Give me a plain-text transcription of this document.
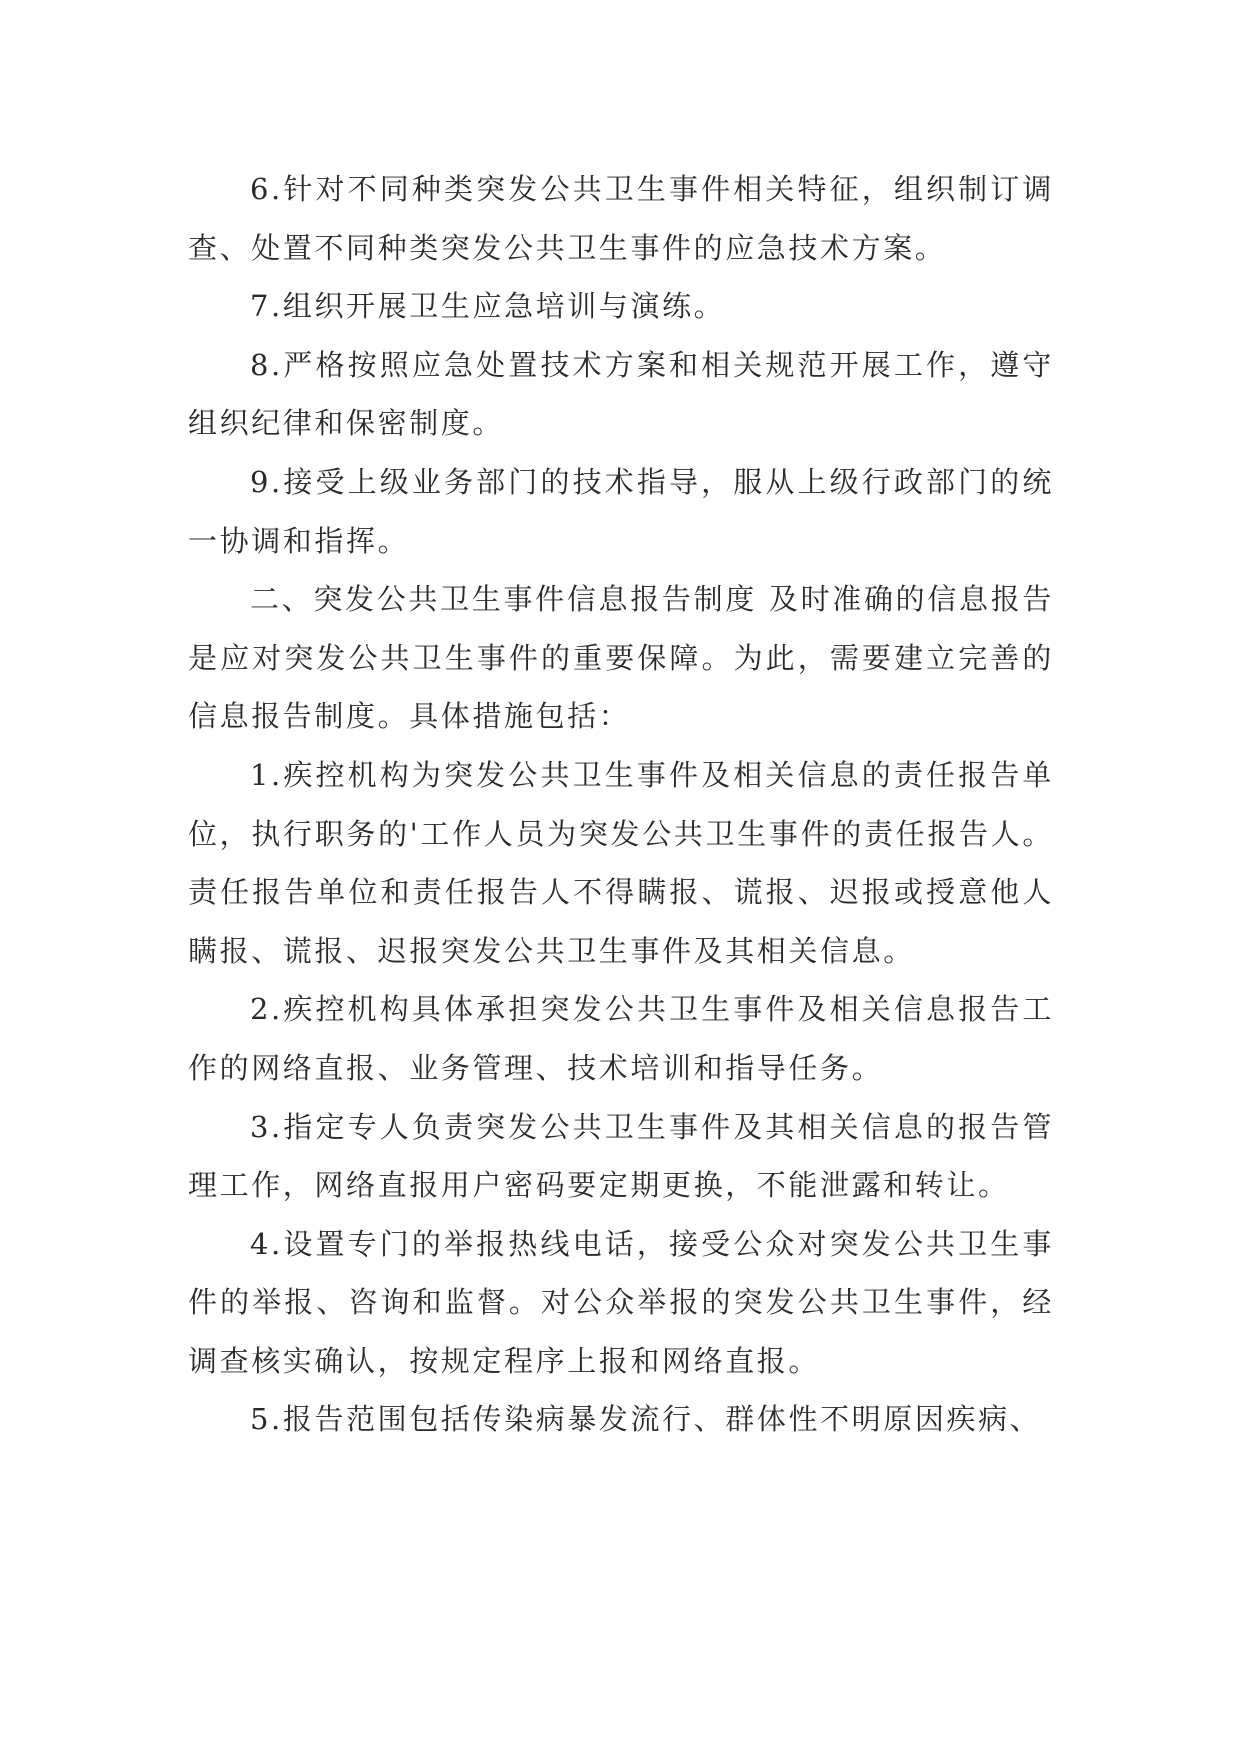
6.针对不同种类突发公共卫生事件相关特征，组织制订调查、处置不同种类突发公共卫生事件的应急技术方案。

7.组织开展卫生应急培训与演练。

8.严格按照应急处置技术方案和相关规范开展工作，遵守组织纪律和保密制度。

9.接受上级业务部门的技术指导，服从上级行政部门的统一协调和指挥。

二、突发公共卫生事件信息报告制度 及时准确的信息报告是应对突发公共卫生事件的重要保障。为此，需要建立完善的信息报告制度。具体措施包括：

1.疾控机构为突发公共卫生事件及相关信息的责任报告单位，执行职务的'工作人员为突发公共卫生事件的责任报告人。责任报告单位和责任报告人不得瞒报、谎报、迟报或授意他人瞒报、谎报、迟报突发公共卫生事件及其相关信息。

2.疾控机构具体承担突发公共卫生事件及相关信息报告工作的网络直报、业务管理、技术培训和指导任务。

3.指定专人负责突发公共卫生事件及其相关信息的报告管理工作，网络直报用户密码要定期更换，不能泄露和转让。

4.设置专门的举报热线电话，接受公众对突发公共卫生事件的举报、咨询和监督。对公众举报的突发公共卫生事件，经调查核实确认，按规定程序上报和网络直报。

5.报告范围包括传染病暴发流行、群体性不明原因疾病、
